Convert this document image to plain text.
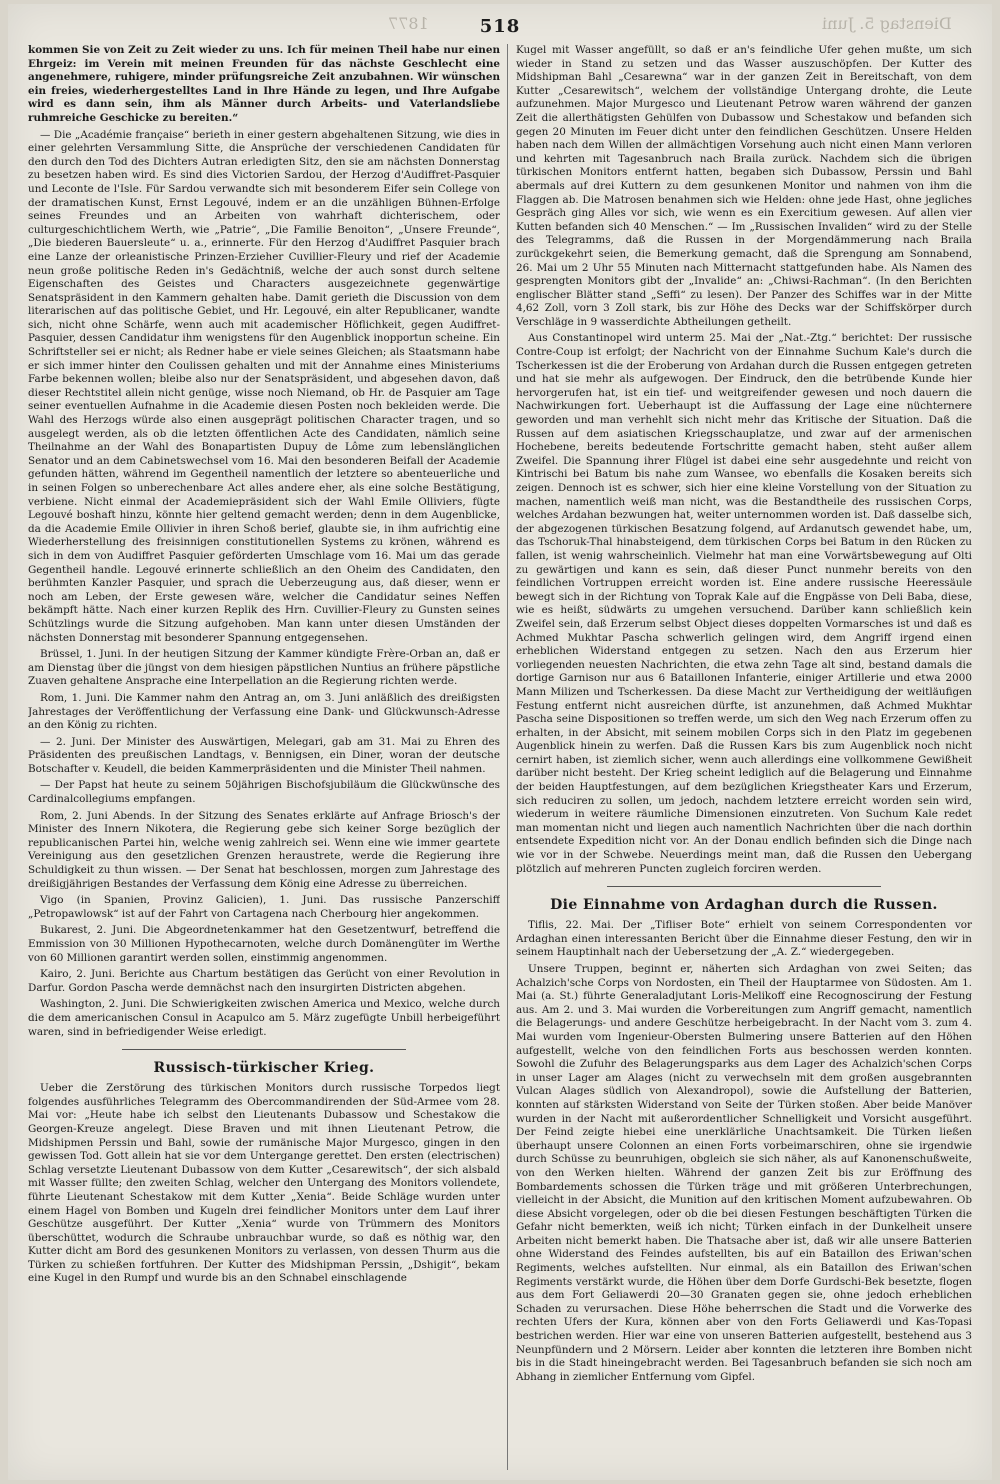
1877	518	Dienstag 5. Juni

kommen Sie von Zeit zu Zeit wieder zu uns. Ich für meinen Theil habe nur einen Ehrgeiz: im Verein mit meinen Freunden für das nächste Geschlecht eine angenehmere, ruhigere, minder prüfungsreiche Zeit anzubahnen. Wir wünschen ein freies, wiederhergestelltes Land in Ihre Hände zu legen, und Ihre Aufgabe wird es dann sein, ihm als Männer durch Arbeits- und Vaterlandsliebe ruhmreiche Geschicke zu bereiten.“

— Die „Académie française“ berieth in einer gestern abgehaltenen Sitzung, wie dies in einer gelehrten Versammlung Sitte, die Ansprüche der verschiedenen Candidaten für den durch den Tod des Dichters Autran erledigten Sitz, den sie am nächsten Donnerstag zu besetzen haben wird. Es sind dies Victorien Sardou, der Herzog d'Audiffret-Pasquier und Leconte de l'Isle. Für Sardou verwandte sich mit besonderem Eifer sein College von der dramatischen Kunst, Ernst Legouvé, indem er an die unzähligen Bühnen-Erfolge seines Freundes und an Arbeiten von wahrhaft dichterischem, oder culturgeschichtlichem Werth, wie „Patrie“, „Die Familie Benoiton“, „Unsere Freunde“, „Die biederen Bauersleute“ u. a., erinnerte. Für den Herzog d'Audiffret Pasquier brach eine Lanze der orleanistische Prinzen-Erzieher Cuvillier-Fleury und rief der Academie neun große politische Reden in's Gedächtniß, welche der auch sonst durch seltene Eigenschaften des Geistes und Characters ausgezeichnete gegenwärtige Senatspräsident in den Kammern gehalten habe. Damit gerieth die Discussion von dem literarischen auf das politische Gebiet, und Hr. Legouvé, ein alter Republicaner, wandte sich, nicht ohne Schärfe, wenn auch mit academischer Höflichkeit, gegen Audiffret-Pasquier, dessen Candidatur ihm wenigstens für den Augenblick inopportun scheine. Ein Schriftsteller sei er nicht; als Redner habe er viele seines Gleichen; als Staatsmann habe er sich immer hinter den Coulissen gehalten und mit der Annahme eines Ministeriums Farbe bekennen wollen; bleibe also nur der Senatspräsident, und abgesehen davon, daß dieser Rechtstitel allein nicht genüge, wisse noch Niemand, ob Hr. de Pasquier am Tage seiner eventuellen Aufnahme in die Academie diesen Posten noch bekleiden werde. Die Wahl des Herzogs würde also einen ausgeprägt politischen Character tragen, und so ausgelegt werden, als ob die letzten öffentlichen Acte des Candidaten, nämlich seine Theilnahme an der Wahl des Bonapartisten Dupuy de Lôme zum lebenslänglichen Senator und an dem Cabinetswechsel vom 16. Mai den besonderen Beifall der Academie gefunden hätten, während im Gegentheil namentlich der letztere so abenteuerliche und in seinen Folgen so unberechenbare Act alles andere eher, als eine solche Bestätigung, verbiene. Nicht einmal der Academiepräsident sich der Wahl Emile Olliviers, fügte Legouvé boshaft hinzu, könnte hier geltend gemacht werden; denn in dem Augenblicke, da die Academie Emile Ollivier in ihren Schoß berief, glaubte sie, in ihm aufrichtig eine Wiederherstellung des freisinnigen constitutionellen Systems zu krönen, während es sich in dem von Audiffret Pasquier geförderten Umschlage vom 16. Mai um das gerade Gegentheil handle. Legouvé erinnerte schließlich an den Oheim des Candidaten, den berühmten Kanzler Pasquier, und sprach die Ueberzeugung aus, daß dieser, wenn er noch am Leben, der Erste gewesen wäre, welcher die Candidatur seines Neffen bekämpft hätte. Nach einer kurzen Replik des Hrn. Cuvillier-Fleury zu Gunsten seines Schützlings wurde die Sitzung aufgehoben. Man kann unter diesen Umständen der nächsten Donnerstag mit besonderer Spannung entgegensehen.

Brüssel, 1. Juni. In der heutigen Sitzung der Kammer kündigte Frère-Orban an, daß er am Dienstag über die jüngst von dem hiesigen päpstlichen Nuntius an frühere päpstliche Zuaven gehaltene Ansprache eine Interpellation an die Regierung richten werde.

Rom, 1. Juni. Die Kammer nahm den Antrag an, om 3. Juni anläßlich des dreißigsten Jahrestages der Veröffentlichung der Verfassung eine Dank- und Glückwunsch-Adresse an den König zu richten.

— 2. Juni. Der Minister des Auswärtigen, Melegari, gab am 31. Mai zu Ehren des Präsidenten des preußischen Landtags, v. Bennigsen, ein Diner, woran der deutsche Botschafter v. Keudell, die beiden Kammerpräsidenten und die Minister Theil nahmen.

— Der Papst hat heute zu seinem 50jährigen Bischofsjubiläum die Glückwünsche des Cardinalcollegiums empfangen.

Rom, 2. Juni Abends. In der Sitzung des Senates erklärte auf Anfrage Briosch's der Minister des Innern Nikotera, die Regierung gebe sich keiner Sorge bezüglich der republicanischen Partei hin, welche wenig zahlreich sei. Wenn eine wie immer geartete Vereinigung aus den gesetzlichen Grenzen heraustrete, werde die Regierung ihre Schuldigkeit zu thun wissen. — Der Senat hat beschlossen, morgen zum Jahrestage des dreißigjährigen Bestandes der Verfassung dem König eine Adresse zu überreichen.

Vigo (in Spanien, Provinz Galicien), 1. Juni. Das russische Panzerschiff „Petropawlowsk“ ist auf der Fahrt von Cartagena nach Cherbourg hier angekommen.

Bukarest, 2. Juni. Die Abgeordnetenkammer hat den Gesetzentwurf, betreffend die Emmission von 30 Millionen Hypothecarnoten, welche durch Domänengüter im Werthe von 60 Millionen garantirt werden sollen, einstimmig angenommen.

Kairo, 2. Juni. Berichte aus Chartum bestätigen das Gerücht von einer Revolution in Darfur. Gordon Pascha werde demnächst nach den insurgirten Districten abgehen.

Washington, 2. Juni. Die Schwierigkeiten zwischen America und Mexico, welche durch die dem americanischen Consul in Acapulco am 5. März zugefügte Unbill herbeigeführt waren, sind in befriedigender Weise erledigt.

Russisch-türkischer Krieg.

Ueber die Zerstörung des türkischen Monitors durch russische Torpedos liegt folgendes ausführliches Telegramm des Obercommandirenden der Süd-Armee vom 28. Mai vor: „Heute habe ich selbst den Lieutenants Dubassow und Schestakow die Georgen-Kreuze angelegt. Diese Braven und mit ihnen Lieutenant Petrow, die Midshipmen Perssin und Bahl, sowie der rumänische Major Murgesco, gingen in den gewissen Tod. Gott allein hat sie vor dem Untergange gerettet. Den ersten (electrischen) Schlag versetzte Lieutenant Dubassow von dem Kutter „Cesarewitsch“, der sich alsbald mit Wasser füllte; den zweiten Schlag, welcher den Untergang des Monitors vollendete, führte Lieutenant Schestakow mit dem Kutter „Xenia“. Beide Schläge wurden unter einem Hagel von Bomben und Kugeln drei feindlicher Monitors unter dem Lauf ihrer Geschütze ausgeführt. Der Kutter „Xenia“ wurde von Trümmern des Monitors überschüttet, wodurch die Schraube unbrauchbar wurde, so daß es nöthig war, den Kutter dicht am Bord des gesunkenen Monitors zu verlassen, von dessen Thurm aus die Türken zu schießen fortfuhren. Der Kutter des Midshipman Perssin, „Dshigit“, bekam eine Kugel in den Rumpf und wurde bis an den Schnabel einschlagende

Kugel mit Wasser angefüllt, so daß er an's feindliche Ufer gehen mußte, um sich wieder in Stand zu setzen und das Wasser auszuschöpfen. Der Kutter des Midshipman Bahl „Cesarewna“ war in der ganzen Zeit in Bereitschaft, von dem Kutter „Cesarewitsch“, welchem der vollständige Untergang drohte, die Leute aufzunehmen. Major Murgesco und Lieutenant Petrow waren während der ganzen Zeit die allerthätigsten Gehülfen von Dubassow und Schestakow und befanden sich gegen 20 Minuten im Feuer dicht unter den feindlichen Geschützen. Unsere Helden haben nach dem Willen der allmächtigen Vorsehung auch nicht einen Mann verloren und kehrten mit Tagesanbruch nach Braila zurück. Nachdem sich die übrigen türkischen Monitors entfernt hatten, begaben sich Dubassow, Perssin und Bahl abermals auf drei Kuttern zu dem gesunkenen Monitor und nahmen von ihm die Flaggen ab. Die Matrosen benahmen sich wie Helden: ohne jede Hast, ohne jegliches Gespräch ging Alles vor sich, wie wenn es ein Exercitium gewesen. Auf allen vier Kutten befanden sich 40 Menschen.“ — Im „Russischen Invaliden“ wird zu der Stelle des Telegramms, daß die Russen in der Morgendämmerung nach Braila zurückgekehrt seien, die Bemerkung gemacht, daß die Sprengung am Sonnabend, 26. Mai um 2 Uhr 55 Minuten nach Mitternacht stattgefunden habe. Als Namen des gesprengten Monitors gibt der „Invalide“ an: „Chiwsi-Rachman“. (In den Berichten englischer Blätter stand „Seffi“ zu lesen). Der Panzer des Schiffes war in der Mitte 4,62 Zoll, vorn 3 Zoll stark, bis zur Höhe des Decks war der Schiffskörper durch Verschläge in 9 wasserdichte Abtheilungen getheilt.

Aus Constantinopel wird unterm 25. Mai der „Nat.-Ztg.“ berichtet: Der russische Contre-Coup ist erfolgt; der Nachricht von der Einnahme Suchum Kale's durch die Tscherkessen ist die der Eroberung von Ardahan durch die Russen entgegen getreten und hat sie mehr als aufgewogen. Der Eindruck, den die betrübende Kunde hier hervorgerufen hat, ist ein tief- und weitgreifender gewesen und noch dauern die Nachwirkungen fort. Ueberhaupt ist die Auffassung der Lage eine nüchternere geworden und man verhehlt sich nicht mehr das Kritische der Situation. Daß die Russen auf dem asiatischen Kriegsschauplatze, und zwar auf der armenischen Hochebene, bereits bedeutende Fortschritte gemacht haben, steht außer allem Zweifel. Die Spannung ihrer Flügel ist dabei eine sehr ausgedehnte und reicht von Kintrischi bei Batum bis nahe zum Wansee, wo ebenfalls die Kosaken bereits sich zeigen. Dennoch ist es schwer, sich hier eine kleine Vorstellung von der Situation zu machen, namentlich weiß man nicht, was die Bestandtheile des russischen Corps, welches Ardahan bezwungen hat, weiter unternommen worden ist. Daß dasselbe sich, der abgezogenen türkischen Besatzung folgend, auf Ardanutsch gewendet habe, um, das Tschoruk-Thal hinabsteigend, dem türkischen Corps bei Batum in den Rücken zu fallen, ist wenig wahrscheinlich. Vielmehr hat man eine Vorwärtsbewegung auf Olti zu gewärtigen und kann es sein, daß dieser Punct nunmehr bereits von den feindlichen Vortruppen erreicht worden ist. Eine andere russische Heeressäule bewegt sich in der Richtung von Toprak Kale auf die Engpässe von Deli Baba, diese, wie es heißt, südwärts zu umgehen versuchend. Darüber kann schließlich kein Zweifel sein, daß Erzerum selbst Object dieses doppelten Vormarsches ist und daß es Achmed Mukhtar Pascha schwerlich gelingen wird, dem Angriff irgend einen erheblichen Widerstand entgegen zu setzen. Nach den aus Erzerum hier vorliegenden neuesten Nachrichten, die etwa zehn Tage alt sind, bestand damals die dortige Garnison nur aus 6 Bataillonen Infanterie, einiger Artillerie und etwa 2000 Mann Milizen und Tscherkessen. Da diese Macht zur Vertheidigung der weitläufigen Festung entfernt nicht ausreichen dürfte, ist anzunehmen, daß Achmed Mukhtar Pascha seine Dispositionen so treffen werde, um sich den Weg nach Erzerum offen zu erhalten, in der Absicht, mit seinem mobilen Corps sich in den Platz im gegebenen Augenblick hinein zu werfen. Daß die Russen Kars bis zum Augenblick noch nicht cernirt haben, ist ziemlich sicher, wenn auch allerdings eine vollkommene Gewißheit darüber nicht besteht. Der Krieg scheint lediglich auf die Belagerung und Einnahme der beiden Hauptfestungen, auf dem bezüglichen Kriegstheater Kars und Erzerum, sich reduciren zu sollen, um jedoch, nachdem letztere erreicht worden sein wird, wiederum in weitere räumliche Dimensionen einzutreten. Von Suchum Kale redet man momentan nicht und liegen auch namentlich Nachrichten über die nach dorthin entsendete Expedition nicht vor. An der Donau endlich befinden sich die Dinge nach wie vor in der Schwebe. Neuerdings meint man, daß die Russen den Uebergang plötzlich auf mehreren Puncten zugleich forciren werden.

Die Einnahme von Ardaghan durch die Russen.

Tiflis, 22. Mai. Der „Tifliser Bote“ erhielt von seinem Correspondenten vor Ardaghan einen interessanten Bericht über die Einnahme dieser Festung, den wir in seinem Hauptinhalt nach der Uebersetzung der „A. Z.“ wiedergegeben.

Unsere Truppen, beginnt er, näherten sich Ardaghan von zwei Seiten; das Achalzich'sche Corps von Nordosten, ein Theil der Hauptarmee von Südosten. Am 1. Mai (a. St.) führte Generaladjutant Loris-Melikoff eine Recognoscirung der Festung aus. Am 2. und 3. Mai wurden die Vorbereitungen zum Angriff gemacht, namentlich die Belagerungs- und andere Geschütze herbeigebracht. In der Nacht vom 3. zum 4. Mai wurden vom Ingenieur-Obersten Bulmering unsere Batterien auf den Höhen aufgestellt, welche von den feindlichen Forts aus beschossen werden konnten. Sowohl die Zufuhr des Belagerungsparks aus dem Lager des Achalzich'schen Corps in unser Lager am Alages (nicht zu verwechseln mit dem großen ausgebrannten Vulcan Alages südlich von Alexandropol), sowie die Aufstellung der Batterien, konnten auf stärksten Widerstand von Seite der Türken stoßen. Aber beide Manöver wurden in der Nacht mit außerordentlicher Schnelligkeit und Vorsicht ausgeführt. Der Feind zeigte hiebei eine unerklärliche Unachtsamkeit. Die Türken ließen überhaupt unsere Colonnen an einen Forts vorbeimarschiren, ohne sie irgendwie durch Schüsse zu beunruhigen, obgleich sie sich näher, als auf Kanonenschußweite, von den Werken hielten. Während der ganzen Zeit bis zur Eröffnung des Bombardements schossen die Türken träge und mit größeren Unterbrechungen, vielleicht in der Absicht, die Munition auf den kritischen Moment aufzubewahren. Ob diese Absicht vorgelegen, oder ob die bei diesen Festungen beschäftigten Türken die Gefahr nicht bemerkten, weiß ich nicht; Türken einfach in der Dunkelheit unsere Arbeiten nicht bemerkt haben. Die Thatsache aber ist, daß wir alle unsere Batterien ohne Widerstand des Feindes aufstellten, bis auf ein Bataillon des Eriwan'schen Regiments, welches aufstellten. Nur einmal, als ein Bataillon des Eriwan'schen Regiments verstärkt wurde, die Höhen über dem Dorfe Gurdschi-Bek besetzte, flogen aus dem Fort Geliawerdi 20—30 Granaten gegen sie, ohne jedoch erheblichen Schaden zu verursachen. Diese Höhe beherrschen die Stadt und die Vorwerke des rechten Ufers der Kura, können aber von den Forts Geliawerdi und Kas-Topasi bestrichen werden. Hier war eine von unseren Batterien aufgestellt, bestehend aus 3 Neunpfündern und 2 Mörsern. Leider aber konnten die letzteren ihre Bomben nicht bis in die Stadt hineingebracht werden. Bei Tagesanbruch befanden sie sich noch am Abhang in ziemlicher Entfernung vom Gipfel.
